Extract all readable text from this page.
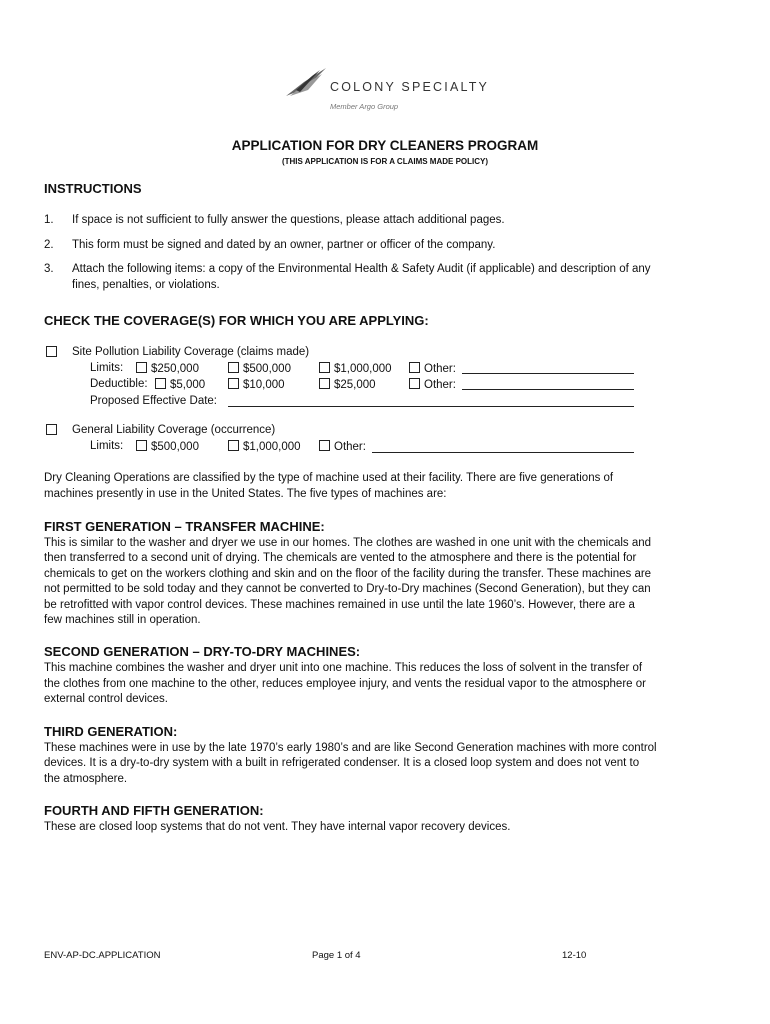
COLONY SPECIALTY
Member Argo Group
APPLICATION FOR DRY CLEANERS PROGRAM
(THIS APPLICATION IS FOR A CLAIMS MADE POLICY)
INSTRUCTIONS
1. If space is not sufficient to fully answer the questions, please attach additional pages.
2. This form must be signed and dated by an owner, partner or officer of the company.
3. Attach the following items: a copy of the Environmental Health & Safety Audit (if applicable) and description of any
fines, penalties, or violations.
CHECK THE COVERAGE(S) FOR WHICH YOU ARE APPLYING:
Site Pollution Liability Coverage (claims made)
Limits:	$250,000	$500,000	$1,000,000	Other:
Deductible:	$5,000	$10,000	$25,000	Other:
Proposed Effective Date:
General Liability Coverage (occurrence)
Limits:	$500,000	$1,000,000	Other:
Dry Cleaning Operations are classified by the type of machine used at their facility. There are five generations of
machines presently in use in the United States. The five types of machines are:
FIRST GENERATION – TRANSFER MACHINE:
This is similar to the washer and dryer we use in our homes. The clothes are washed in one unit with the chemicals and
then transferred to a second unit of drying. The chemicals are vented to the atmosphere and there is the potential for
chemicals to get on the workers clothing and skin and on the floor of the facility during the transfer. These machines are
not permitted to be sold today and they cannot be converted to Dry-to-Dry machines (Second Generation), but they can
be retrofitted with vapor control devices. These machines remained in use until the late 1960’s. However, there are a
few machines still in operation.
SECOND GENERATION – DRY-TO-DRY MACHINES:
This machine combines the washer and dryer unit into one machine. This reduces the loss of solvent in the transfer of
the clothes from one machine to the other, reduces employee injury, and vents the residual vapor to the atmosphere or
external control devices.
THIRD GENERATION:
These machines were in use by the late 1970’s early 1980’s and are like Second Generation machines with more control
devices. It is a dry-to-dry system with a built in refrigerated condenser. It is a closed loop system and does not vent to
the atmosphere.
FOURTH AND FIFTH GENERATION:
These are closed loop systems that do not vent. They have internal vapor recovery devices.
ENV-AP-DC.APPLICATION	Page 1 of 4	12-10
